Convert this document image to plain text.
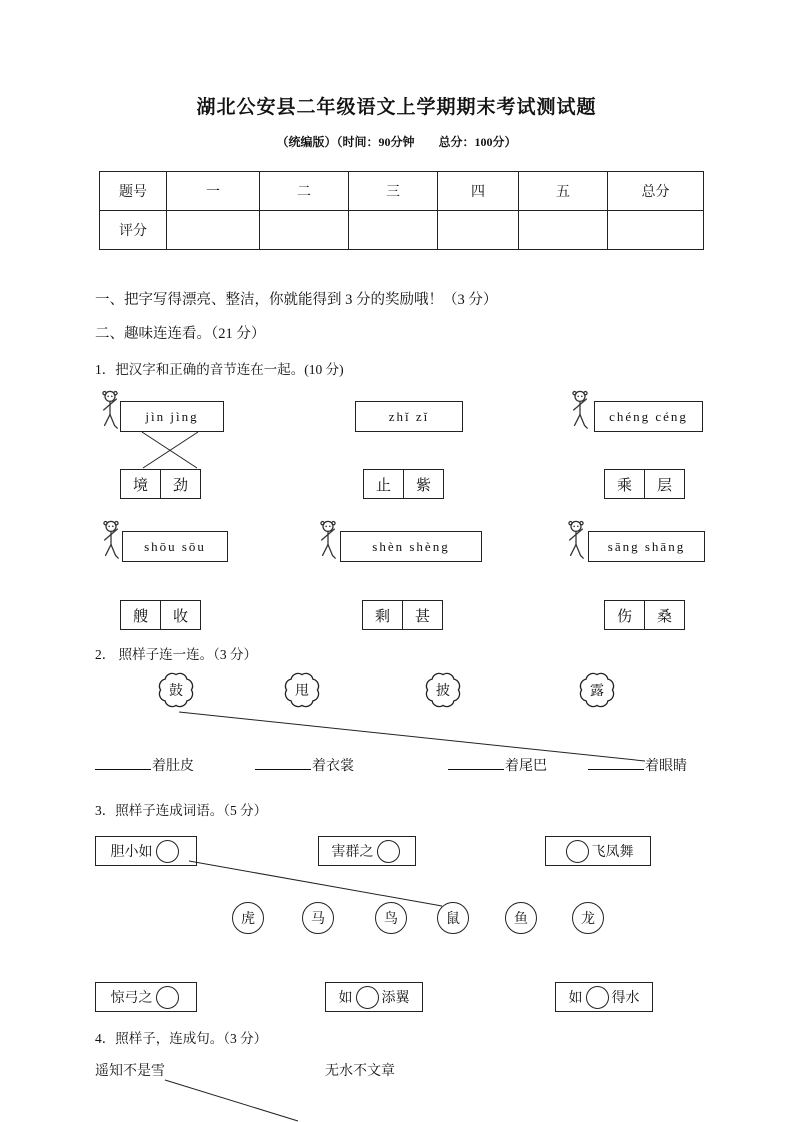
湖北公安县二年级语文上学期期末考试测试题
（统编版）（时间：90分钟　　总分：100分）
题号	一	二	三	四	五	总分
评分						
一、把字写得漂亮、整洁，你就能得到 3 分的奖励哦！（3 分）
二、趣味连连看。（21 分）
1．把汉字和正确的音节连在一起。(10 分)
jìn jìng	zhǐ zǐ	chéng céng
境	劲	止	紫	乘	层
shōu sōu	shèn shèng	sāng shāng
艘	收	剩	甚	伤	桑
2． 照样子连一连。（3 分）
鼓	甩	披	露
着肚皮	着衣裳	着尾巴	着眼睛
3．照样子连成词语。（5 分）
胆小如	害群之	飞凤舞
虎	马	鸟	鼠	鱼	龙
惊弓之	如 添翼	如 得水
4．照样子，连成句。（3 分）
遥知不是雪	无水不文章
